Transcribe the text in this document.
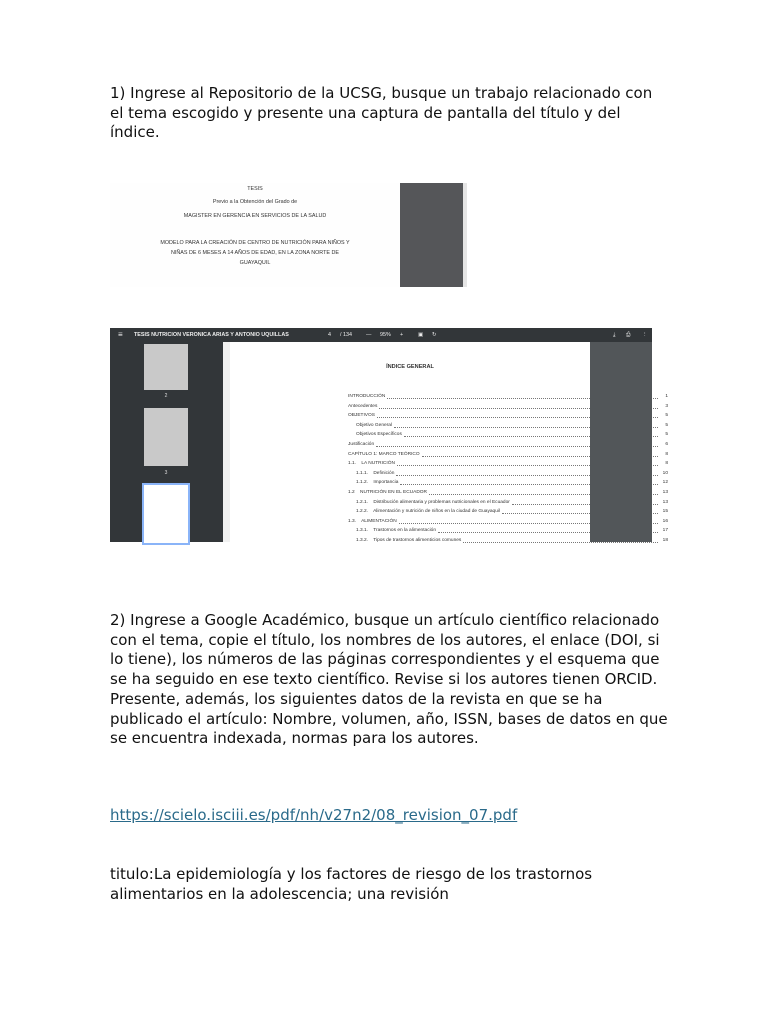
1) Ingrese al Repositorio de la UCSG, busque un trabajo relacionado con el tema escogido y presente una captura de pantalla del título y del índice.
TESIS
Previo a la Obtención del Grado de
MAGISTER EN GERENCIA EN SERVICIOS DE LA SALUD
MODELO PARA LA CREACIÓN DE CENTRO DE NUTRICIÓN PARA NIÑOS Y
NIÑAS DE 6 MESES A 14 AÑOS DE EDAD, EN LA ZONA NORTE DE
GUAYAQUIL
≡ TESIS NUTRICION VERONICA ARIAS Y ANTONIO UQUILLAS	4 / 134	— 95% +	▣ ↻	⤓ ⎙ ⋮
2
3
ÍNDICE GENERAL
INTRODUCCIÓN	1
Antecedentes	3
OBJETIVOS	5
Objetivo General	5
Objetivos Específicos	5
Justificación	6
CAPÍTULO 1: MARCO TEÓRICO	8
1.1.    LA NUTRICIÓN	8
1.1.1.    Definición	10
1.1.2.    Importancia	12
1.2    NUTRICIÓN EN EL ECUADOR	13
1.2.1.    Distribución alimentaria y problemas nutricionales en el Ecuador	13
1.2.2.    Alimentación y nutrición de niños en la ciudad de Guayaquil	15
1.3.    ALIMENTACIÓN	16
1.3.1.    Trastornos en la alimentación	17
1.3.2.    Tipos de trastornos alimenticios comunes	18
2) Ingrese a Google Académico, busque un artículo científico relacionado con el tema, copie el título, los nombres de los autores, el enlace (DOI, si lo tiene), los números de las páginas correspondientes y el esquema que se ha seguido en ese texto científico. Revise si los autores tienen ORCID. Presente, además, los siguientes datos de la revista en que se ha publicado el artículo: Nombre, volumen, año, ISSN, bases de datos en que se encuentra indexada, normas para los autores.
https://scielo.isciii.es/pdf/nh/v27n2/08_revision_07.pdf
titulo:La epidemiología y los factores de riesgo de los trastornos alimentarios en la adolescencia; una revisión
